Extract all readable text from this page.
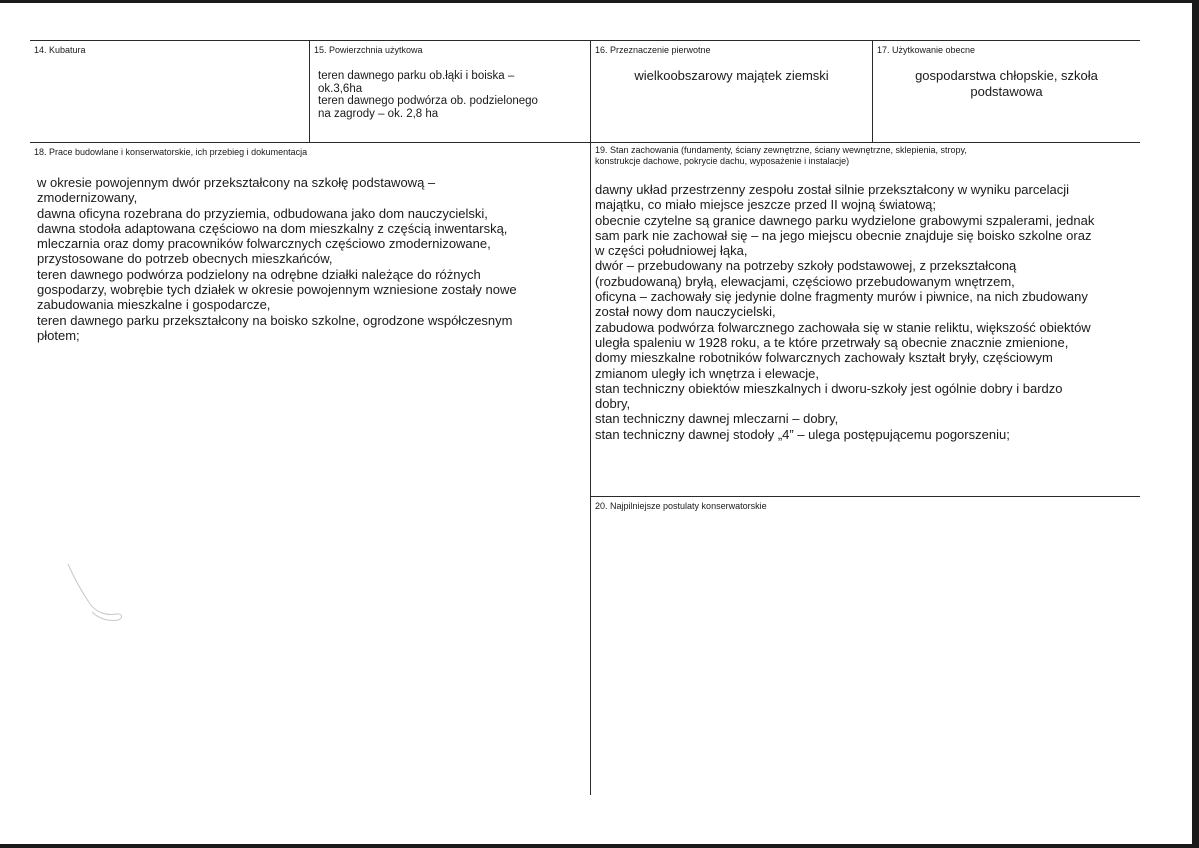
14. Kubatura	15. Powierzchnia użytkowa
teren dawnego parku ob.łąki i boiska –
ok.3,6ha
teren dawnego podwórza ob. podzielonego
na zagrody – ok. 2,8 ha
16. Przeznaczenie pierwotne
wielkoobszarowy majątek ziemski
17. Użytkowanie obecne
gospodarstwa chłopskie, szkoła
podstawowa
18. Prace budowlane i konserwatorskie, ich przebieg i dokumentacja
w okresie powojennym dwór przekształcony na szkołę podstawową –
zmodernizowany,
dawna oficyna rozebrana do przyziemia, odbudowana jako dom nauczycielski,
dawna stodoła adaptowana częściowo na dom mieszkalny z częścią inwentarską,
mleczarnia oraz domy pracowników folwarcznych częściowo zmodernizowane,
przystosowane do potrzeb obecnych mieszkańców,
teren dawnego podwórza podzielony na odrębne działki należące do różnych
gospodarzy, wobrębie tych działek w okresie powojennym wzniesione zostały nowe
zabudowania mieszkalne i gospodarcze,
teren dawnego parku przekształcony na boisko szkolne, ogrodzone współczesnym
płotem;
19. Stan zachowania (fundamenty, ściany zewnętrzne, ściany wewnętrzne, sklepienia, stropy,
konstrukcje dachowe, pokrycie dachu, wyposażenie i instalacje)
dawny układ przestrzenny zespołu został silnie przekształcony w wyniku parcelacji
majątku, co miało miejsce jeszcze przed II wojną światową;
obecnie czytelne są granice dawnego parku wydzielone grabowymi szpalerami, jednak
sam park nie zachował się – na jego miejscu obecnie znajduje się boisko szkolne oraz
w części południowej łąka,
dwór – przebudowany na potrzeby szkoły podstawowej, z przekształconą
(rozbudowaną) bryłą, elewacjami, częściowo przebudowanym wnętrzem,
oficyna – zachowały się jedynie dolne fragmenty murów i piwnice, na nich zbudowany
został nowy dom nauczycielski,
zabudowa podwórza folwarcznego zachowała się w stanie reliktu, większość obiektów
uległa spaleniu w 1928 roku, a te które przetrwały są obecnie znacznie zmienione,
domy mieszkalne robotników folwarcznych zachowały kształt bryły, częściowym
zmianom uległy ich wnętrza i elewacje,
stan techniczny obiektów mieszkalnych i dworu-szkoły jest ogólnie dobry i bardzo
dobry,
stan techniczny dawnej mleczarni – dobry,
stan techniczny dawnej stodoły „4” – ulega postępującemu pogorszeniu;
20. Najpilniejsze postulaty konserwatorskie
